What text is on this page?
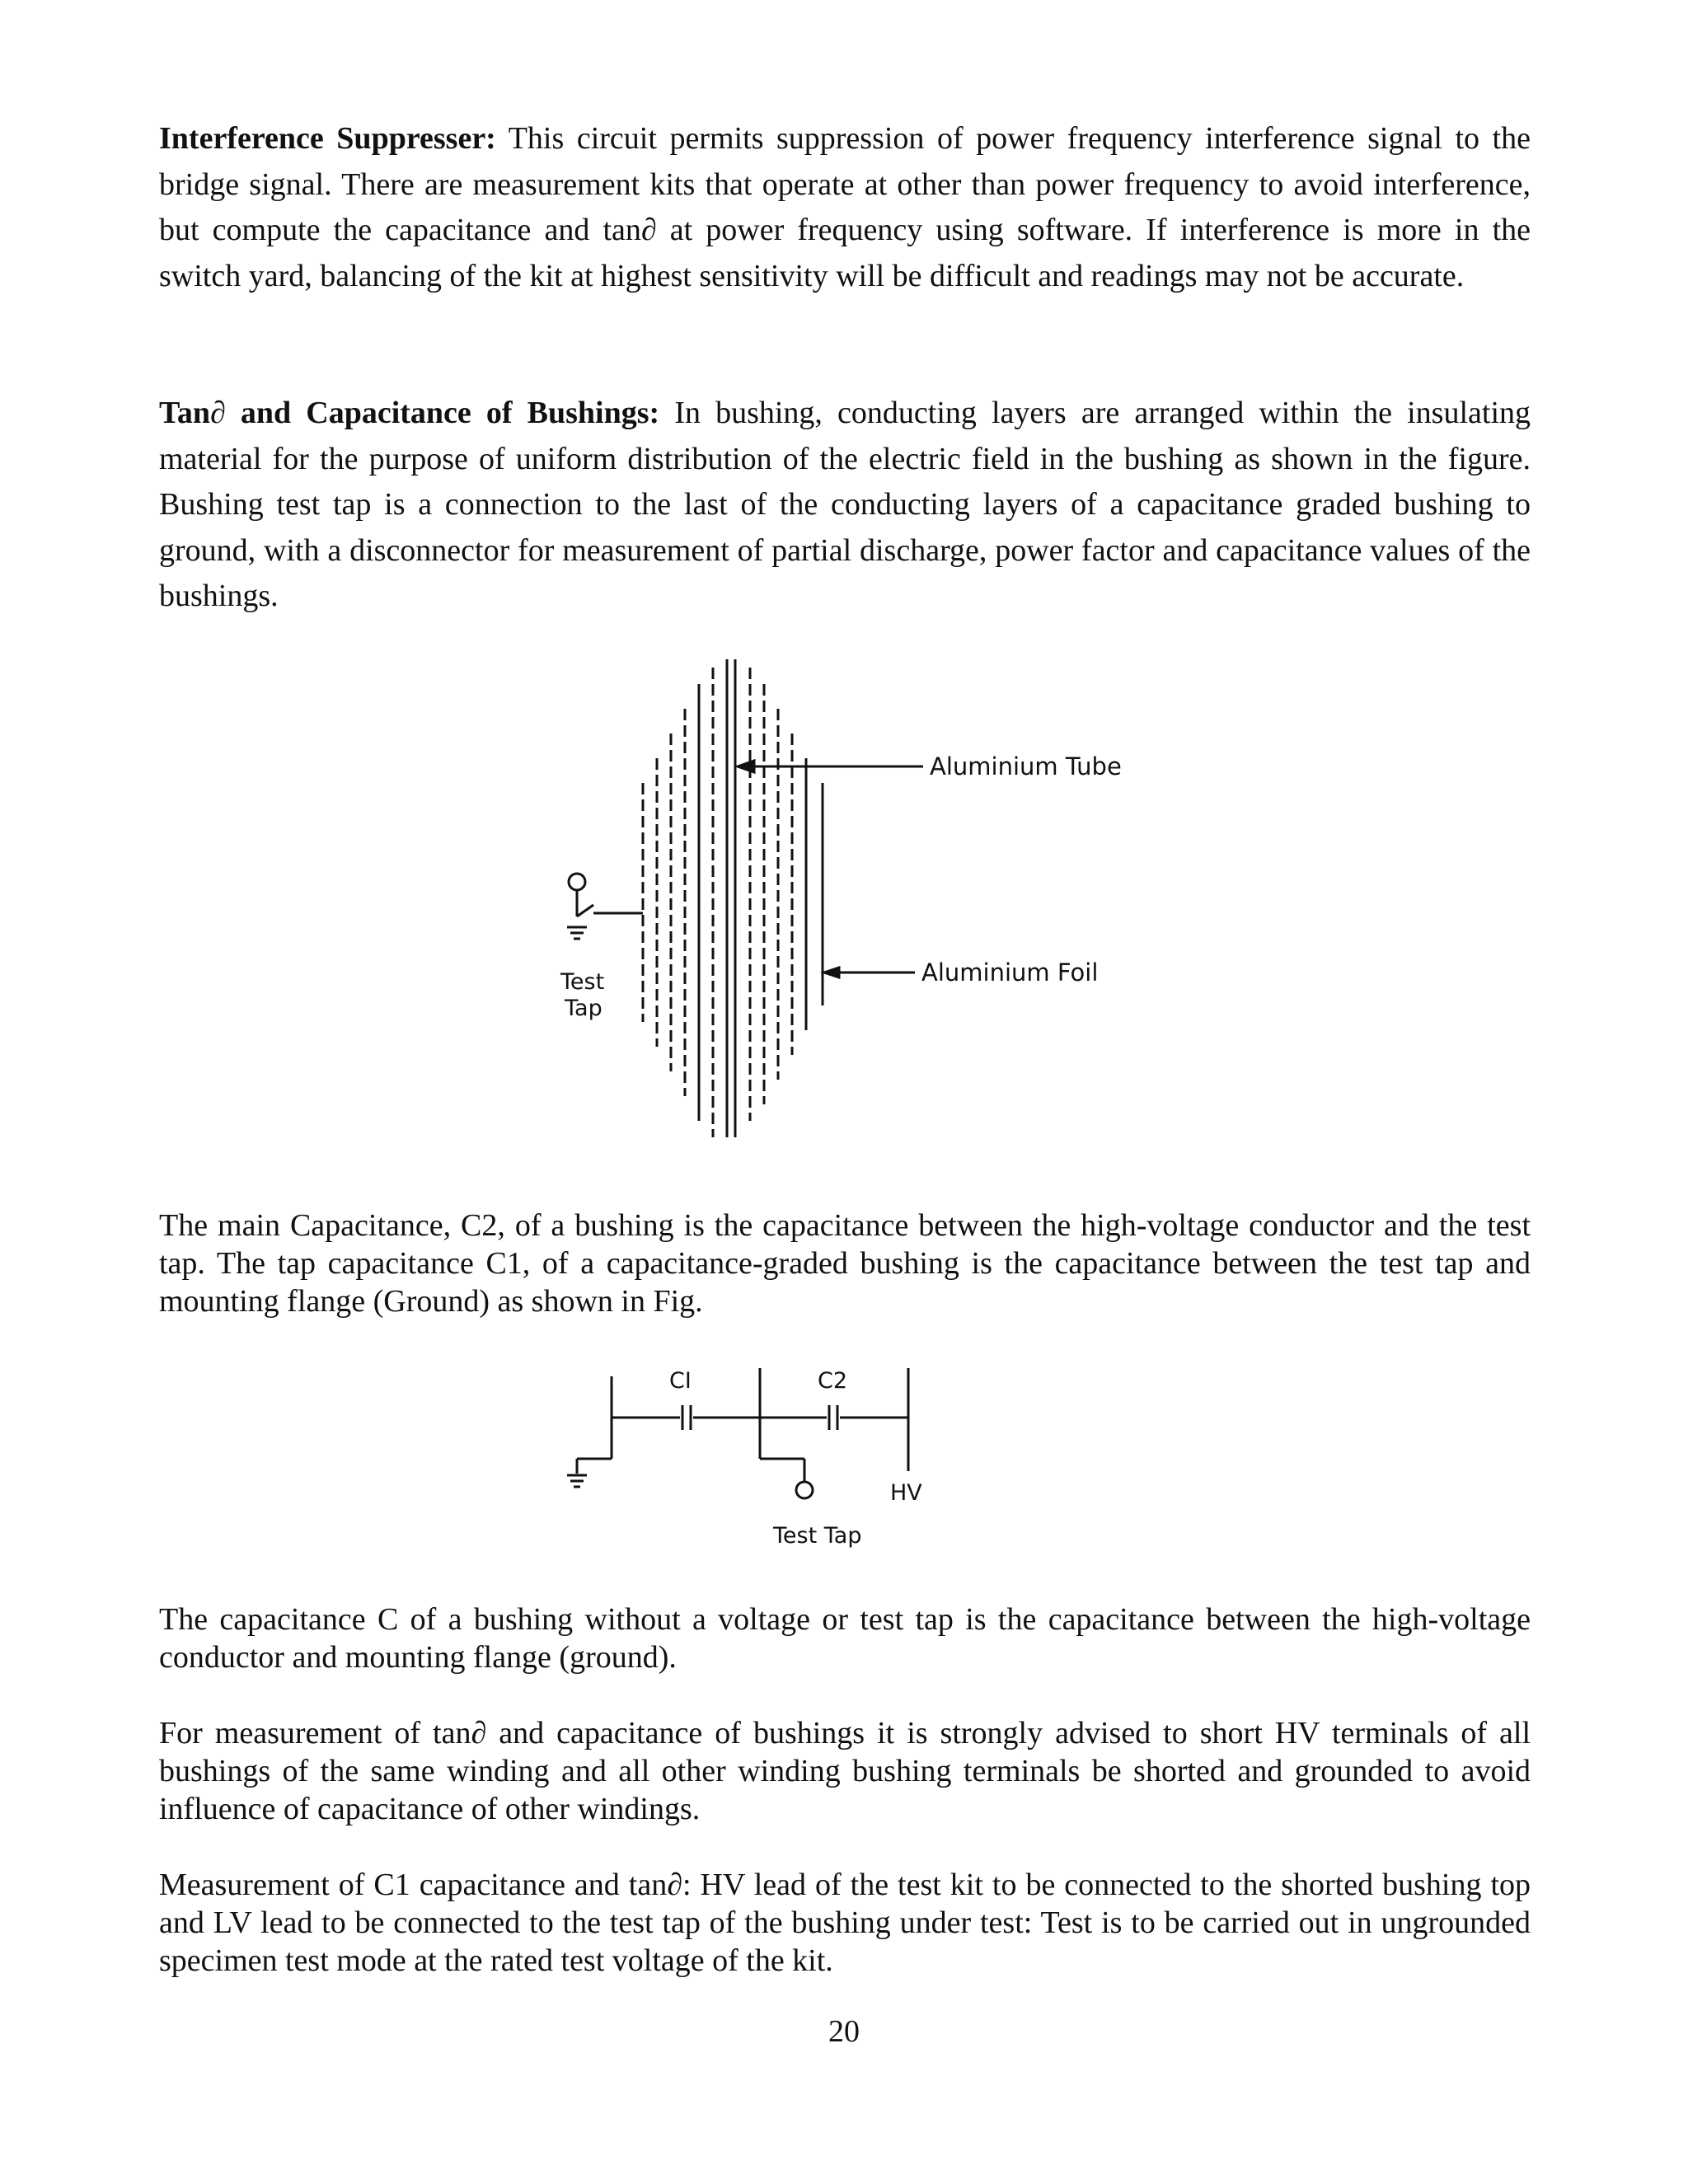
Interference Suppresser: This circuit permits suppression of power frequency interference signal to the bridge signal. There are measurement kits that operate at other than power frequency to avoid interference, but compute the capacitance and tan∂ at power frequency using software. If interference is more in the switch yard, balancing of the kit at highest sensitivity will be difficult and readings may not be accurate.

Tan∂ and Capacitance of Bushings: In bushing, conducting layers are arranged within the insulating material for the purpose of uniform distribution of the electric field in the bushing as shown in the figure. Bushing test tap is a connection to the last of the conducting layers of a capacitance graded bushing to ground, with a disconnector for measurement of partial discharge, power factor and capacitance values of the bushings.

Aluminium Tube
Aluminium Foil
Test
Tap

The main Capacitance, C2, of a bushing is the capacitance between the high-voltage conductor and the test tap. The tap capacitance C1, of a capacitance-graded bushing is the capacitance between the test tap and mounting flange (Ground) as shown in Fig.

CI	C2
HV
Test Tap

The capacitance C of a bushing without a voltage or test tap is the capacitance between the high-voltage conductor and mounting flange (ground).

For measurement of tan∂ and capacitance of bushings it is strongly advised to short HV terminals of all bushings of the same winding and all other winding bushing terminals be shorted and grounded to avoid influence of capacitance of other windings.

Measurement of C1 capacitance and tan∂: HV lead of the test kit to be connected to the shorted bushing top and LV lead to be connected to the test tap of the bushing under test: Test is to be carried out in ungrounded specimen test mode at the rated test voltage of the kit.

20
